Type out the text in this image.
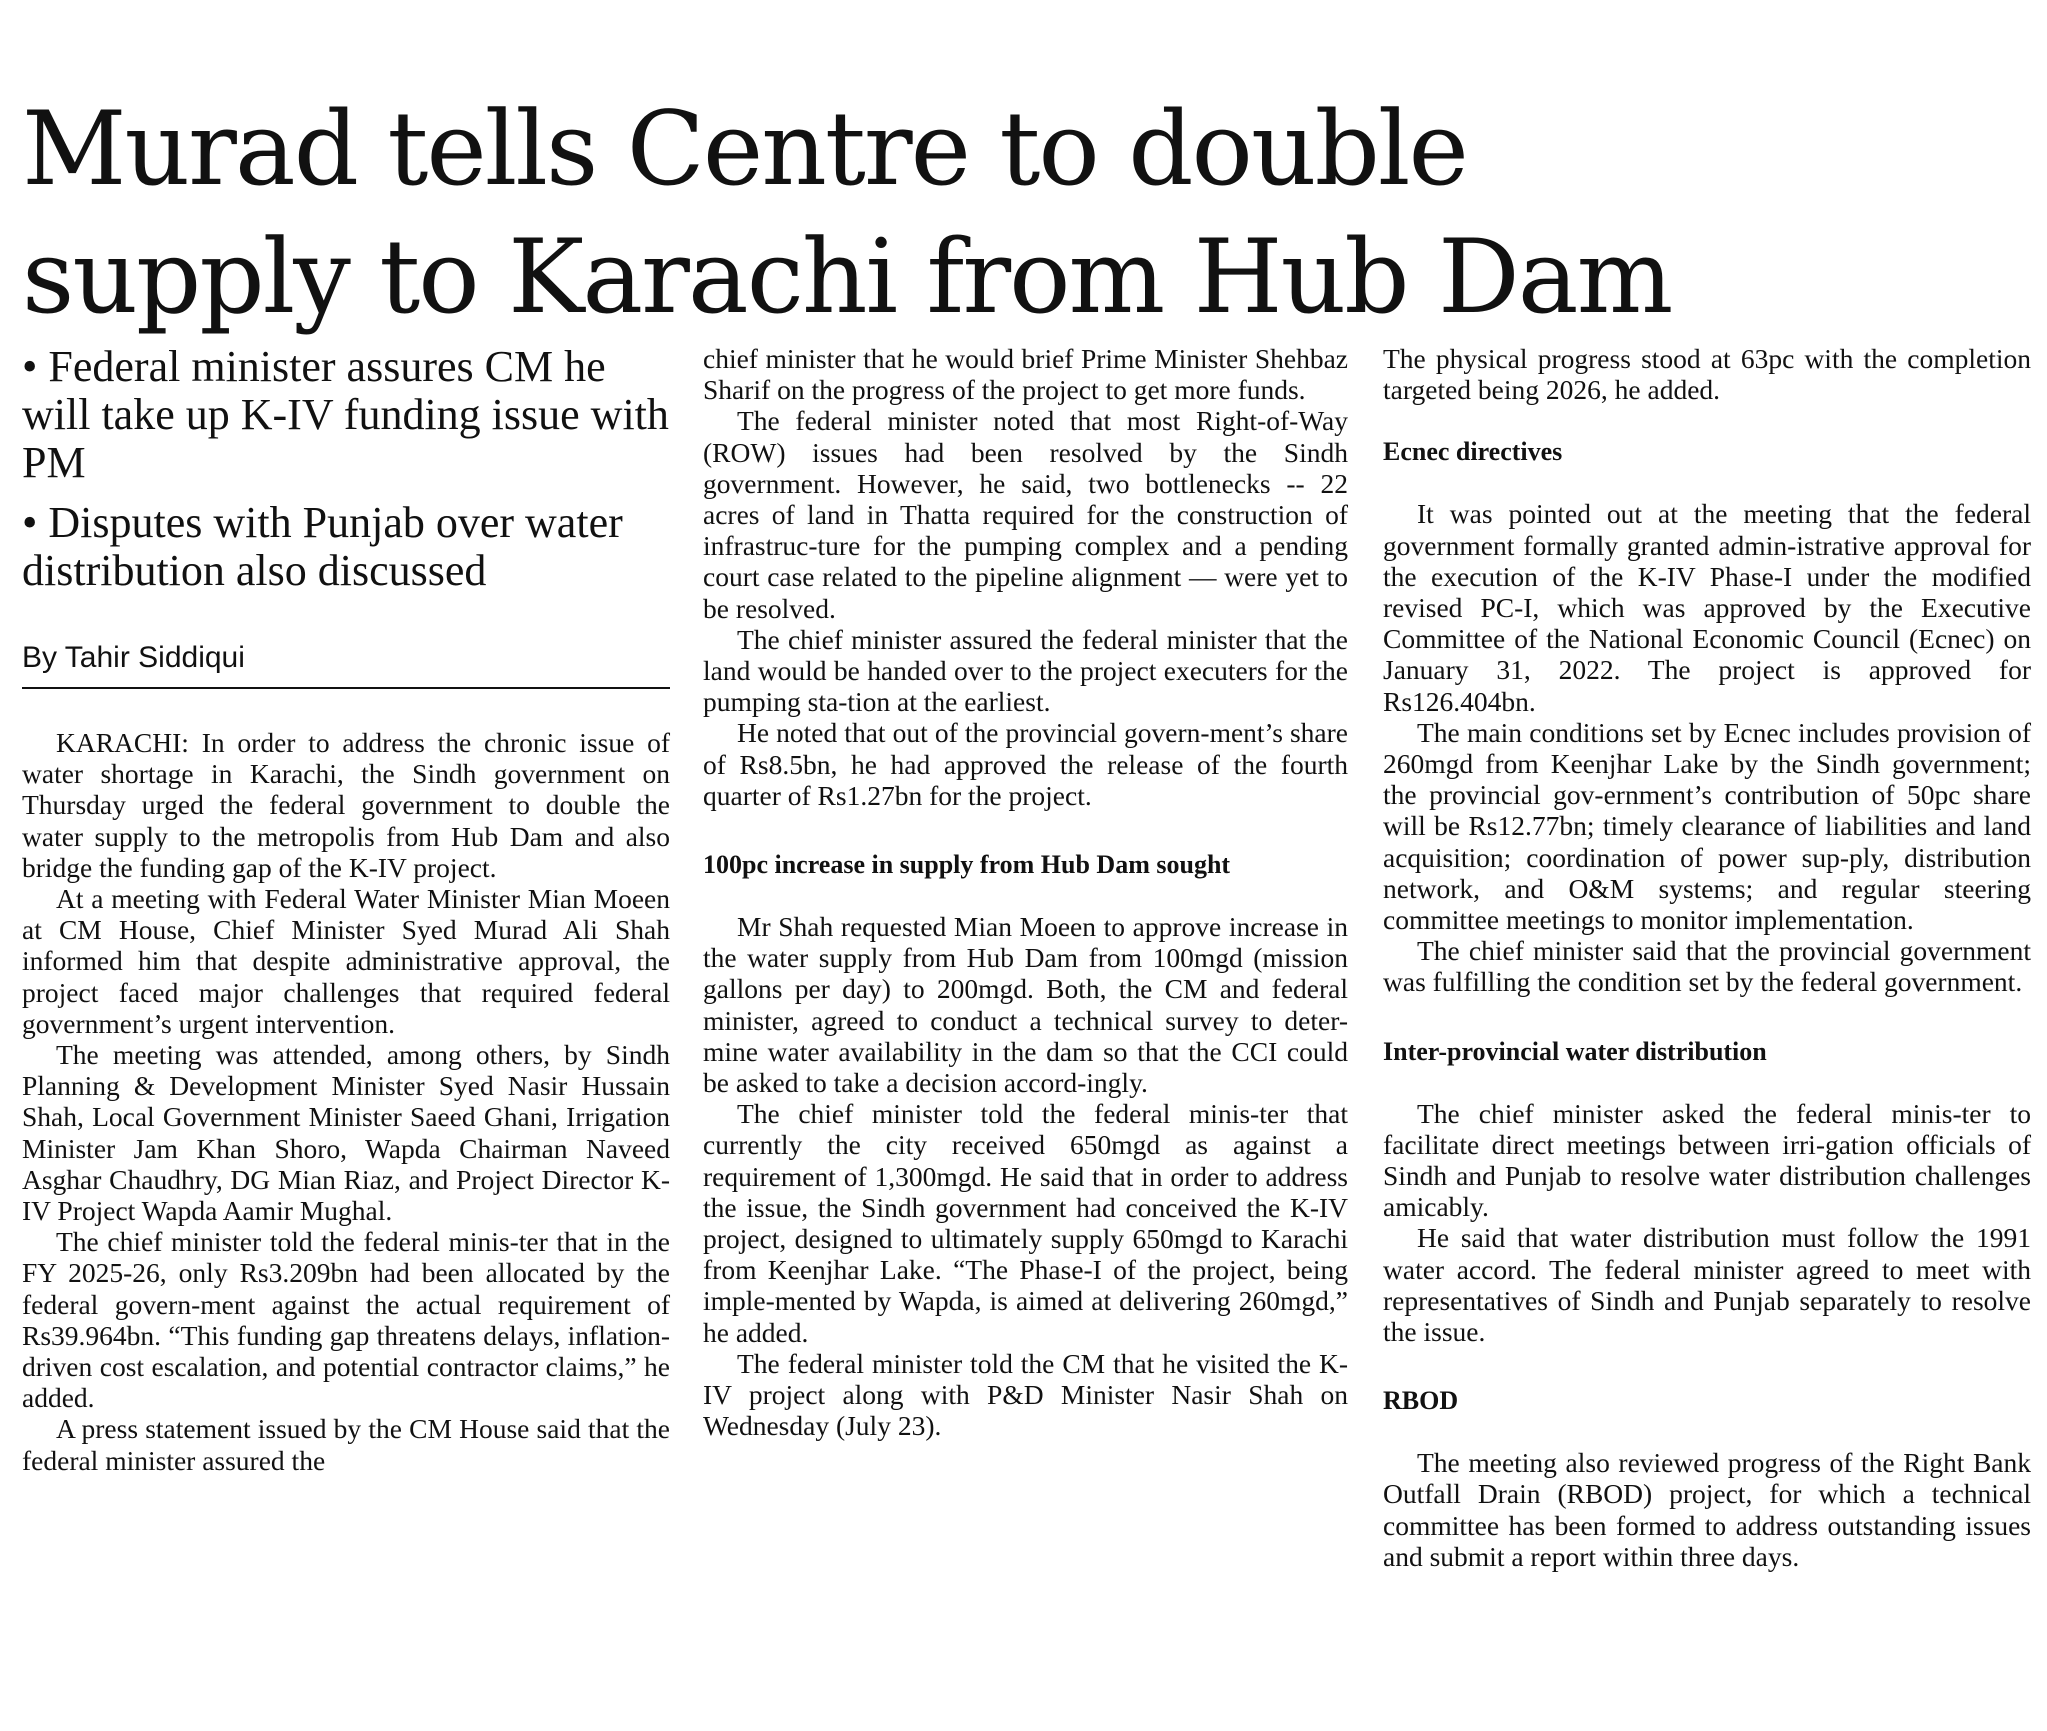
Murad tells Centre to double
supply to Karachi from Hub Dam
• Federal minister assures CM he will take up K-IV funding issue with PM
• Disputes with Punjab over water distribution also discussed
By Tahir Siddiqui

KARACHI: In order to address the chronic issue of water shortage in Karachi, the Sindh government on Thursday urged the federal government to double the water supply to the metropolis from Hub Dam and also bridge the funding gap of the K-IV project.

At a meeting with Federal Water Minister Mian Moeen at CM House, Chief Minister Syed Murad Ali Shah informed him that despite administrative approval, the project faced major challenges that required federal government’s urgent intervention.

The meeting was attended, among others, by Sindh Planning & Development Minister Syed Nasir Hussain Shah, Local Government Minister Saeed Ghani, Irrigation Minister Jam Khan Shoro, Wapda Chairman Naveed Asghar Chaudhry, DG Mian Riaz, and Project Director K-IV Project Wapda Aamir Mughal.

The chief minister told the federal minis-ter that in the FY 2025-26, only Rs3.209bn had been allocated by the federal govern-ment against the actual requirement of Rs39.964bn. “This funding gap threatens delays, inflation-driven cost escalation, and potential contractor claims,” he added.

A press statement issued by the CM House said that the federal minister assured the

chief minister that he would brief Prime Minister Shehbaz Sharif on the progress of the project to get more funds.

The federal minister noted that most Right-of-Way (ROW) issues had been resolved by the Sindh government. However, he said, two bottlenecks -- 22 acres of land in Thatta required for the construction of infrastruc-ture for the pumping complex and a pending court case related to the pipeline alignment — were yet to be resolved.

The chief minister assured the federal minister that the land would be handed over to the project executers for the pumping sta-tion at the earliest.

He noted that out of the provincial govern-ment’s share of Rs8.5bn, he had approved the release of the fourth quarter of Rs1.27bn for the project.

100pc increase in supply from Hub Dam sought

Mr Shah requested Mian Moeen to approve increase in the water supply from Hub Dam from 100mgd (mission gallons per day) to 200mgd. Both, the CM and federal minister, agreed to conduct a technical survey to deter-mine water availability in the dam so that the CCI could be asked to take a decision accord-ingly.

The chief minister told the federal minis-ter that currently the city received 650mgd as against a requirement of 1,300mgd. He said that in order to address the issue, the Sindh government had conceived the K-IV project, designed to ultimately supply 650mgd to Karachi from Keenjhar Lake. “The Phase-I of the project, being imple-mented by Wapda, is aimed at delivering 260mgd,” he added.

The federal minister told the CM that he visited the K-IV project along with P&D Minister Nasir Shah on Wednesday (July 23).

The physical progress stood at 63pc with the completion targeted being 2026, he added.

Ecnec directives

It was pointed out at the meeting that the federal government formally granted admin-istrative approval for the execution of the K-IV Phase-I under the modified revised PC-I, which was approved by the Executive Committee of the National Economic Council (Ecnec) on January 31, 2022. The project is approved for Rs126.404bn.

The main conditions set by Ecnec includes provision of 260mgd from Keenjhar Lake by the Sindh government; the provincial gov-ernment’s contribution of 50pc share will be Rs12.77bn; timely clearance of liabilities and land acquisition; coordination of power sup-ply, distribution network, and O&M systems; and regular steering committee meetings to monitor implementation.

The chief minister said that the provincial government was fulfilling the condition set by the federal government.

Inter-provincial water distribution

The chief minister asked the federal minis-ter to facilitate direct meetings between irri-gation officials of Sindh and Punjab to resolve water distribution challenges amicably.

He said that water distribution must follow the 1991 water accord. The federal minister agreed to meet with representatives of Sindh and Punjab separately to resolve the issue.

RBOD

The meeting also reviewed progress of the Right Bank Outfall Drain (RBOD) project, for which a technical committee has been formed to address outstanding issues and submit a report within three days.
